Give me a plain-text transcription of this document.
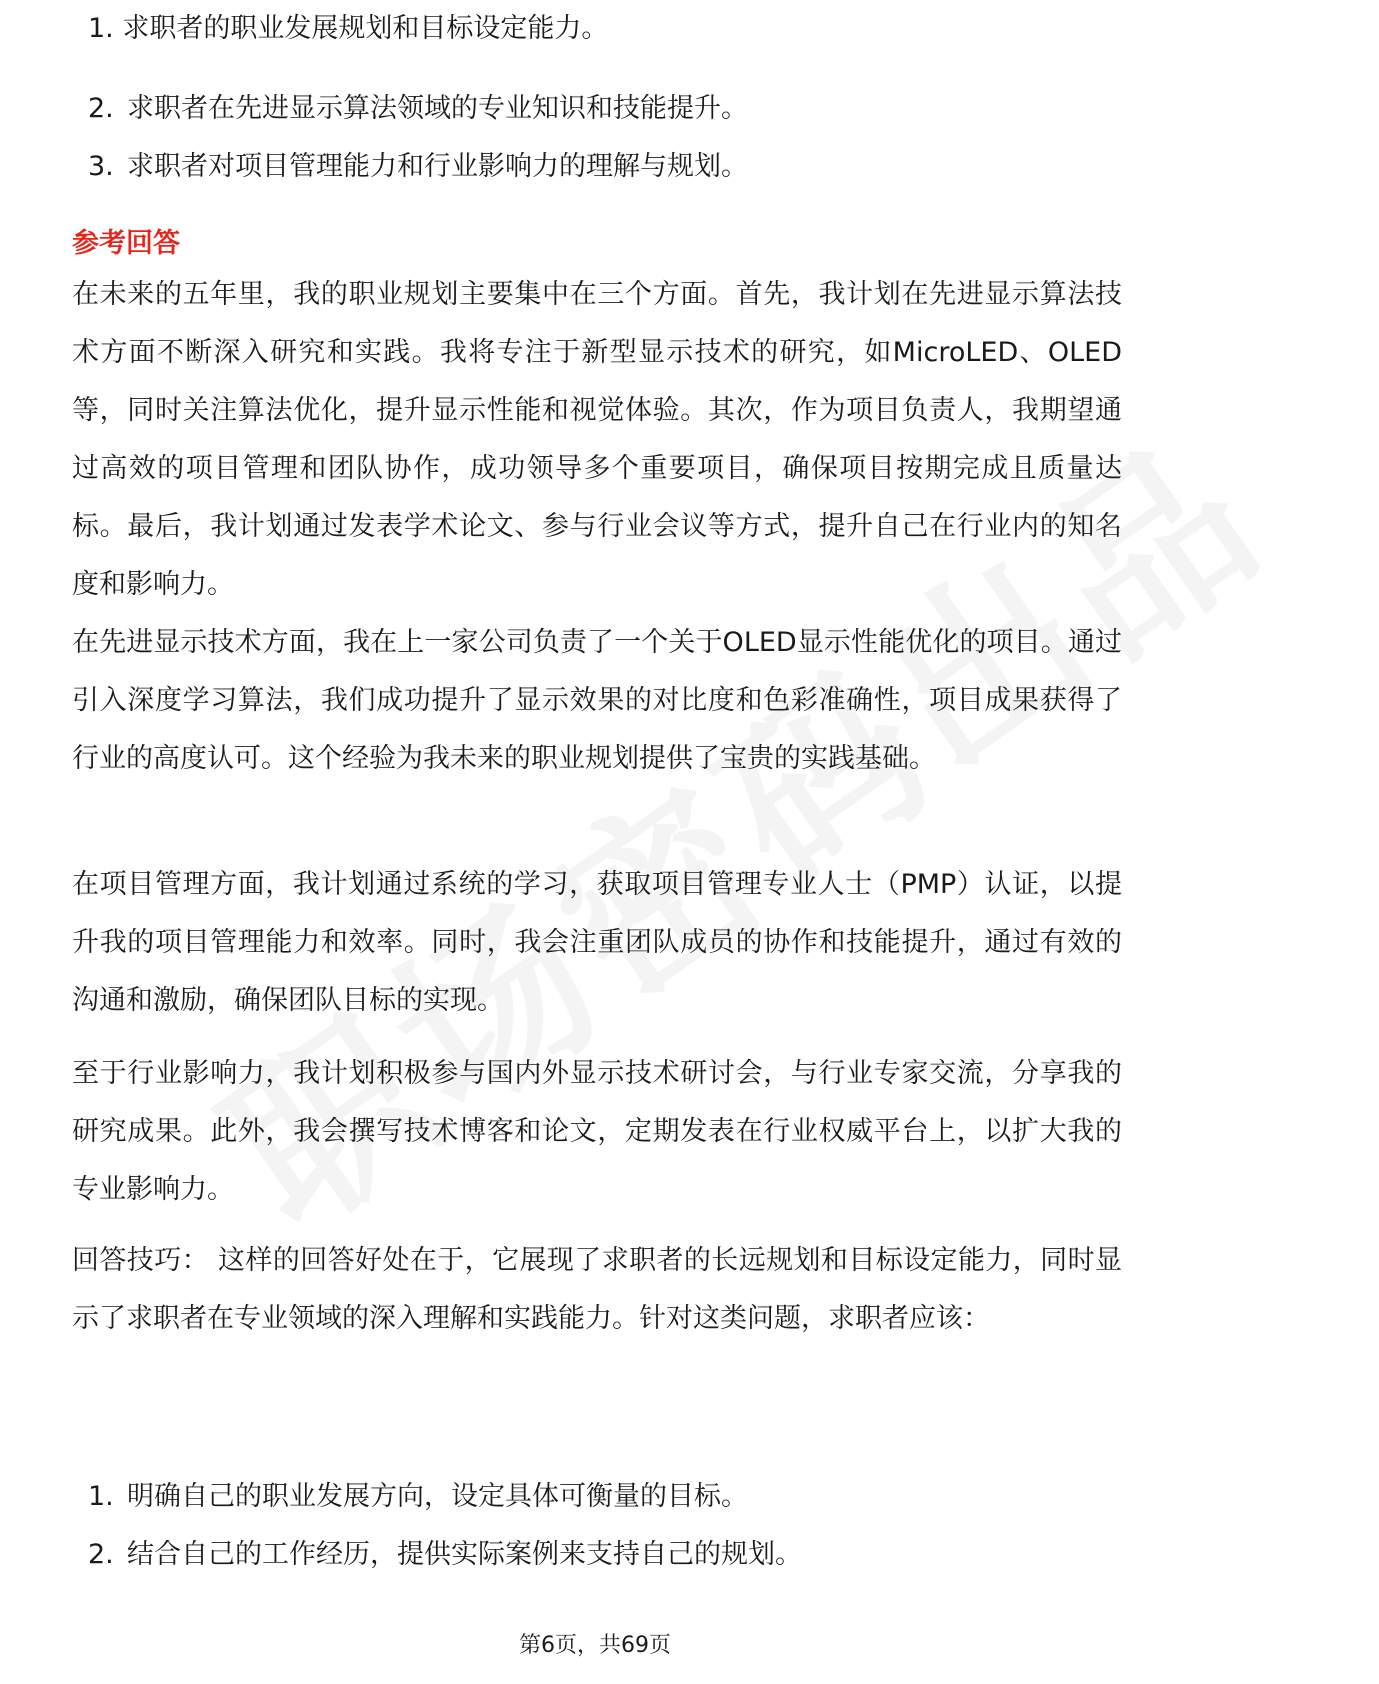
1. 求职者的职业发展规划和目标设定能力。
2. 求职者在先进显示算法领域的专业知识和技能提升。
3. 求职者对项目管理能力和行业影响力的理解与规划。
参考回答

在未来的五年里，我的职业规划主要集中在三个方面。首先，我计划在先进显示算法技术方面不断深入研究和实践。我将专注于新型显示技术的研究，如MicroLED、OLED等，同时关注算法优化，提升显示性能和视觉体验。其次，作为项目负责人，我期望通过高效的项目管理和团队协作，成功领导多个重要项目，确保项目按期完成且质量达标。最后，我计划通过发表学术论文、参与行业会议等方式，提升自己在行业内的知名度和影响力。

在先进显示技术方面，我在上一家公司负责了一个关于OLED显示性能优化的项目。通过引入深度学习算法，我们成功提升了显示效果的对比度和色彩准确性，项目成果获得了行业的高度认可。这个经验为我未来的职业规划提供了宝贵的实践基础。

在项目管理方面，我计划通过系统的学习，获取项目管理专业人士（PMP）认证，以提升我的项目管理能力和效率。同时，我会注重团队成员的协作和技能提升，通过有效的沟通和激励，确保团队目标的实现。

至于行业影响力，我计划积极参与国内外显示技术研讨会，与行业专家交流，分享我的研究成果。此外，我会撰写技术博客和论文，定期发表在行业权威平台上，以扩大我的专业影响力。

回答技巧： 这样的回答好处在于，它展现了求职者的长远规划和目标设定能力，同时显示了求职者在专业领域的深入理解和实践能力。针对这类问题，求职者应该：

1. 明确自己的职业发展方向，设定具体可衡量的目标。
2. 结合自己的工作经历，提供实际案例来支持自己的规划。
第6页，共69页
